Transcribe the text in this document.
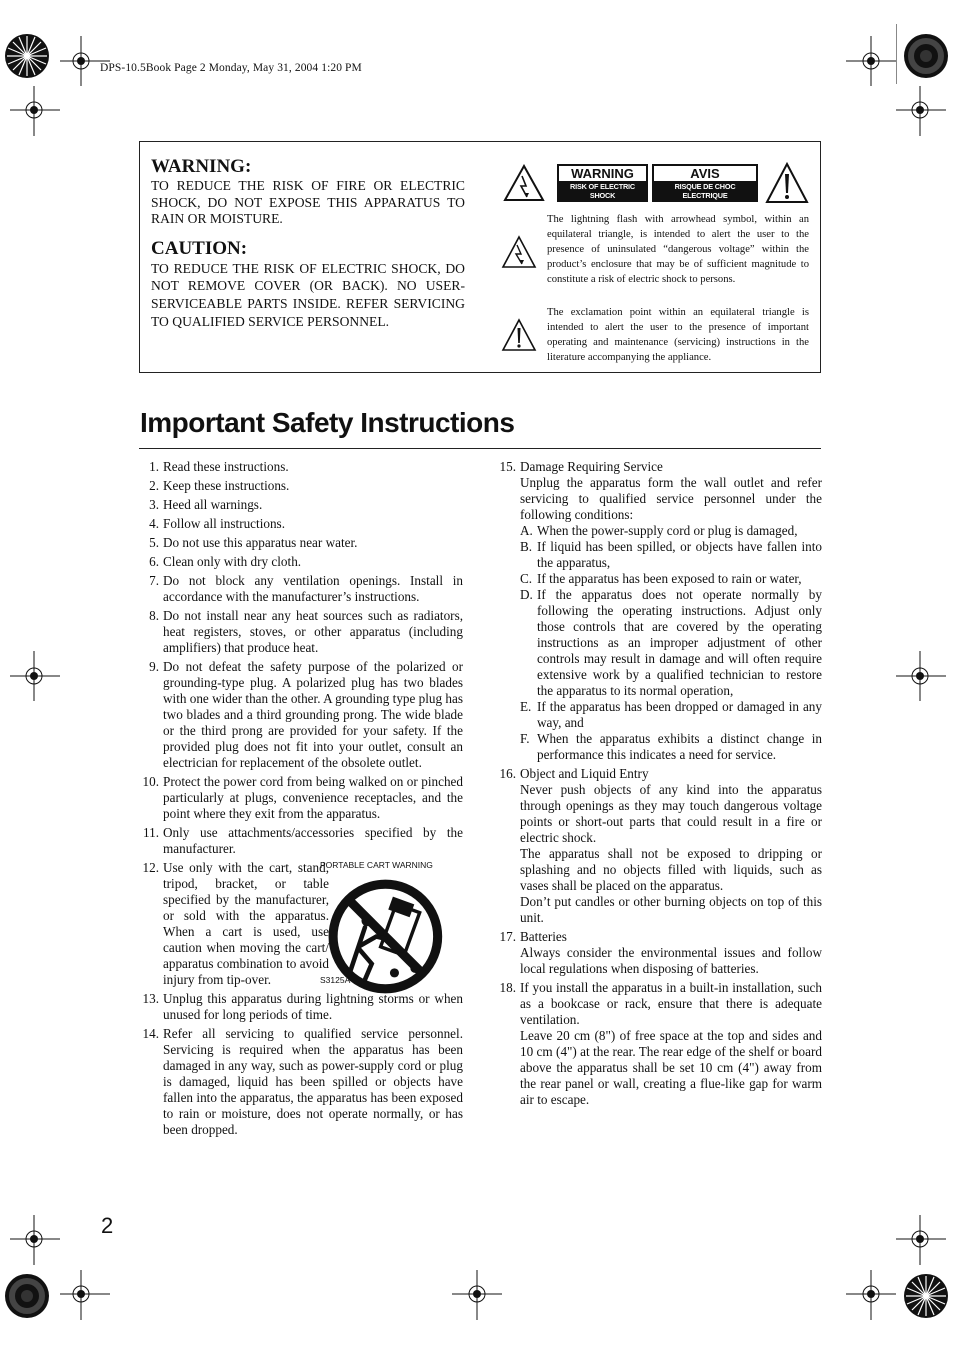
DPS-10.5Book Page 2 Monday, May 31, 2004 1:20 PM

WARNING:

TO REDUCE THE RISK OF FIRE OR ELECTRIC SHOCK, DO NOT EXPOSE THIS APPARATUS TO RAIN OR MOISTURE.

CAUTION:

TO REDUCE THE RISK OF ELECTRIC SHOCK, DO NOT REMOVE COVER (OR BACK). NO USER-SERVICEABLE PARTS INSIDE. REFER SERVICING TO QUALIFIED SERVICE PERSONNEL.

WARNING
RISK OF ELECTRIC SHOCK
DO NOT OPEN
AVIS
RISQUE DE CHOC ELECTRIQUE
NE PAS OUVRIR
The lightning flash with arrowhead symbol, within an equilateral triangle, is intended to alert the user to the presence of uninsulated “dangerous voltage” within the product’s enclosure that may be of sufficient magnitude to constitute a risk of electric shock to persons.
The exclamation point within an equilateral triangle is intended to alert the user to the presence of important operating and maintenance (servicing) instructions in the literature accompanying the appliance.
Important Safety Instructions
1. Read these instructions.
2. Keep these instructions.
3. Heed all warnings.
4. Follow all instructions.
5. Do not use this apparatus near water.
6. Clean only with dry cloth.
7. Do not block any ventilation openings. Install in accordance with the manufacturer’s instructions.
8. Do not install near any heat sources such as radiators, heat registers, stoves, or other apparatus (including amplifiers) that produce heat.
9. Do not defeat the safety purpose of the polarized or grounding-type plug. A polarized plug has two blades with one wider than the other. A grounding type plug has two blades and a third grounding prong. The wide blade or the third prong are provided for your safety. If the provided plug does not fit into your outlet, consult an electrician for replacement of the obsolete outlet.
10. Protect the power cord from being walked on or pinched particularly at plugs, convenience receptacles, and the point where they exit from the apparatus.
11. Only use attachments/accessories specified by the manufacturer.
12. Use only with the cart, stand, tripod, bracket, or table specified by the manufacturer, or sold with the apparatus. When a cart is used, use caution when moving the cart/ apparatus combination to avoid injury from tip-over.
PORTABLE CART WARNING
S3125A
13. Unplug this apparatus during lightning storms or when unused for long periods of time.
14. Refer all servicing to qualified service personnel. Servicing is required when the apparatus has been damaged in any way, such as power-supply cord or plug is damaged, liquid has been spilled or objects have fallen into the apparatus, the apparatus has been exposed to rain or moisture, does not operate normally, or has been dropped.
15. Damage Requiring Service
Unplug the apparatus form the wall outlet and refer servicing to qualified service personnel under the following conditions:
A. When the power-supply cord or plug is damaged,
B. If liquid has been spilled, or objects have fallen into the apparatus,
C. If the apparatus has been exposed to rain or water,
D. If the apparatus does not operate normally by following the operating instructions. Adjust only those controls that are covered by the operating instructions as an improper adjustment of other controls may result in damage and will often require extensive work by a qualified technician to restore the apparatus to its normal operation,
E. If the apparatus has been dropped or damaged in any way, and
F. When the apparatus exhibits a distinct change in performance this indicates a need for service.
16. Object and Liquid Entry
Never push objects of any kind into the apparatus through openings as they may touch dangerous voltage points or short-out parts that could result in a fire or electric shock.
The apparatus shall not be exposed to dripping or splashing and no objects filled with liquids, such as vases shall be placed on the apparatus.
Don’t put candles or other burning objects on top of this unit.
17. Batteries
Always consider the environmental issues and follow local regulations when disposing of batteries.
18. If you install the apparatus in a built-in installation, such as a bookcase or rack, ensure that there is adequate ventilation.
Leave 20 cm (8") of free space at the top and sides and 10 cm (4") at the rear. The rear edge of the shelf or board above the apparatus shall be set 10 cm (4") away from the rear panel or wall, creating a flue-like gap for warm air to escape.
2
